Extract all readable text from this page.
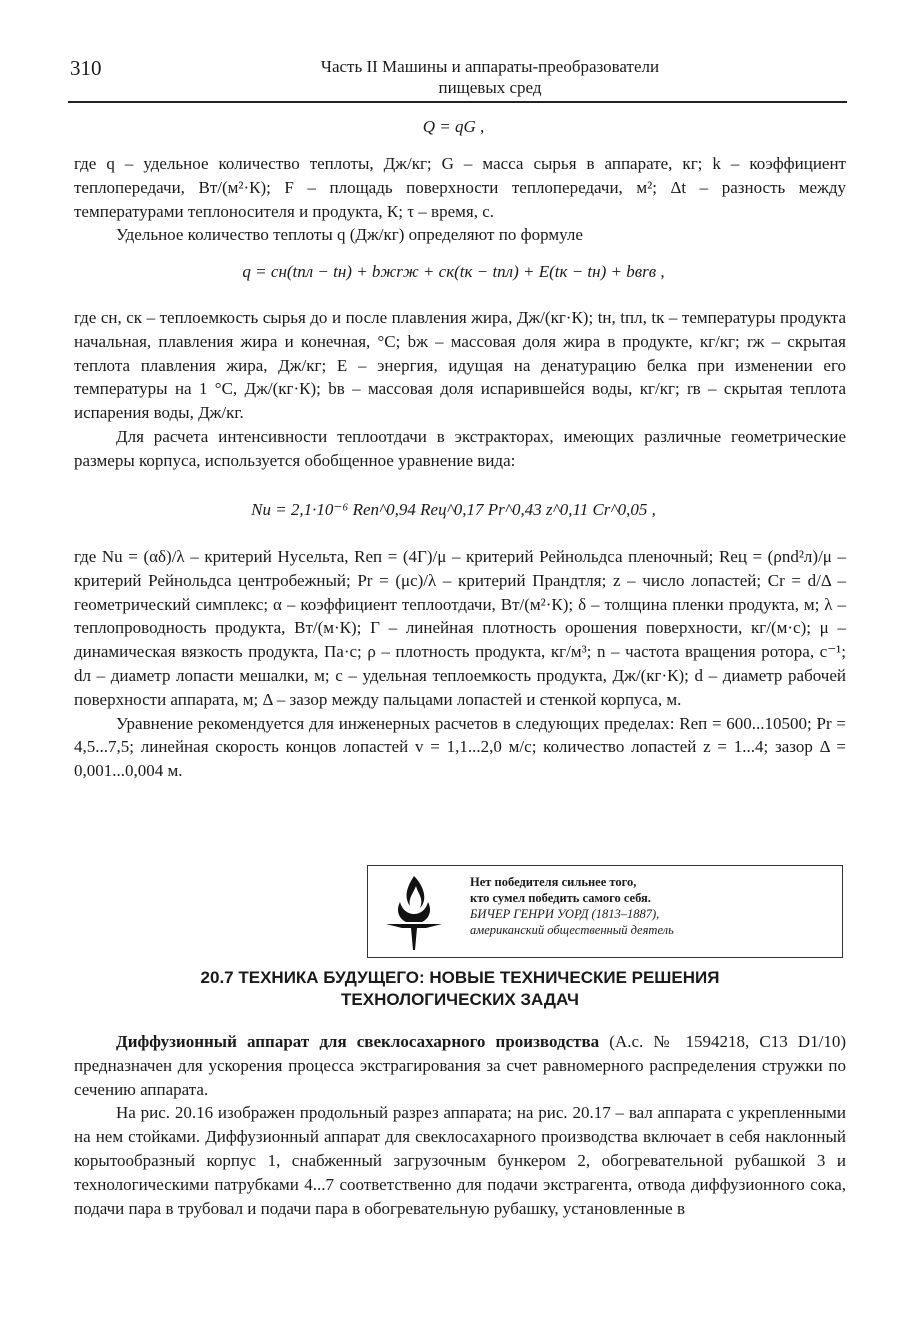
310	Часть II Машины и аппараты-преобразователи
пищевых сред
Q = qG ,

где q – удельное количество теплоты, Дж/кг; G – масса сырья в аппарате, кг; k – коэффициент теплопередачи, Вт/(м²·К); F – площадь поверхности теплопередачи, м²; Δt – разность между температурами теплоносителя и продукта, К; τ – время, с.

Удельное количество теплоты q (Дж/кг) определяют по формуле

q = cн(tпл − tн) + bжrж + cк(tк − tпл) + E(tк − tн) + bвrв ,

где cн, cк – теплоемкость сырья до и после плавления жира, Дж/(кг·К); tн, tпл, tк – температуры продукта начальная, плавления жира и конечная, °С; bж – массовая доля жира в продукте, кг/кг; rж – скрытая теплота плавления жира, Дж/кг; E – энергия, идущая на денатурацию белка при изменении его температуры на 1 °С, Дж/(кг·К); bв – массовая доля испарившейся воды, кг/кг; rв – скрытая теплота испарения воды, Дж/кг.

Для расчета интенсивности теплоотдачи в экстракторах, имеющих различные геометрические размеры корпуса, используется обобщенное уравнение вида:

Nu = 2,1·10⁻⁶ Reп^0,94 Reц^0,17 Pr^0,43 z^0,11 Cr^0,05 ,

где Nu = (αδ)/λ – критерий Нусельта, Reп = (4Г)/μ – критерий Рейнольдса пленочный; Reц = (ρnd²л)/μ – критерий Рейнольдса центробежный; Pr = (μc)/λ – критерий Прандтля; z – число лопастей; Cr = d/Δ – геометрический симплекс; α – коэффициент теплоотдачи, Вт/(м²·К); δ – толщина пленки продукта, м; λ – теплопроводность продукта, Вт/(м·К); Г – линейная плотность орошения поверхности, кг/(м·с); μ – динамическая вязкость продукта, Па·с; ρ – плотность продукта, кг/м³; n – частота вращения ротора, с⁻¹; dл – диаметр лопасти мешалки, м; c – удельная теплоемкость продукта, Дж/(кг·К); d – диаметр рабочей поверхности аппарата, м; Δ – зазор между пальцами лопастей и стенкой корпуса, м.

Уравнение рекомендуется для инженерных расчетов в следующих пределах: Reп = 600...10500; Pr = 4,5...7,5; линейная скорость концов лопастей v = 1,1...2,0 м/с; количество лопастей z = 1...4; зазор Δ = 0,001...0,004 м.

Нет победителя сильнее того,
кто сумел победить самого себя.
БИЧЕР ГЕНРИ УОРД (1813–1887),
американский общественный деятель
20.7 ТЕХНИКА БУДУЩЕГО: НОВЫЕ ТЕХНИЧЕСКИЕ РЕШЕНИЯ
ТЕХНОЛОГИЧЕСКИХ ЗАДАЧ

Диффузионный аппарат для свеклосахарного производства (А.с. № 1594218, С13 D1/10) предназначен для ускорения процесса экстрагирования за счет равномерного распределения стружки по сечению аппарата.

На рис. 20.16 изображен продольный разрез аппарата; на рис. 20.17 – вал аппарата с укрепленными на нем стойками. Диффузионный аппарат для свеклосахарного производства включает в себя наклонный корытообразный корпус 1, снабженный загрузочным бункером 2, обогревательной рубашкой 3 и технологическими патрубками 4...7 соответственно для подачи экстрагента, отвода диффузионного сока, подачи пара в трубовал и подачи пара в обогревательную рубашку, установленные в
